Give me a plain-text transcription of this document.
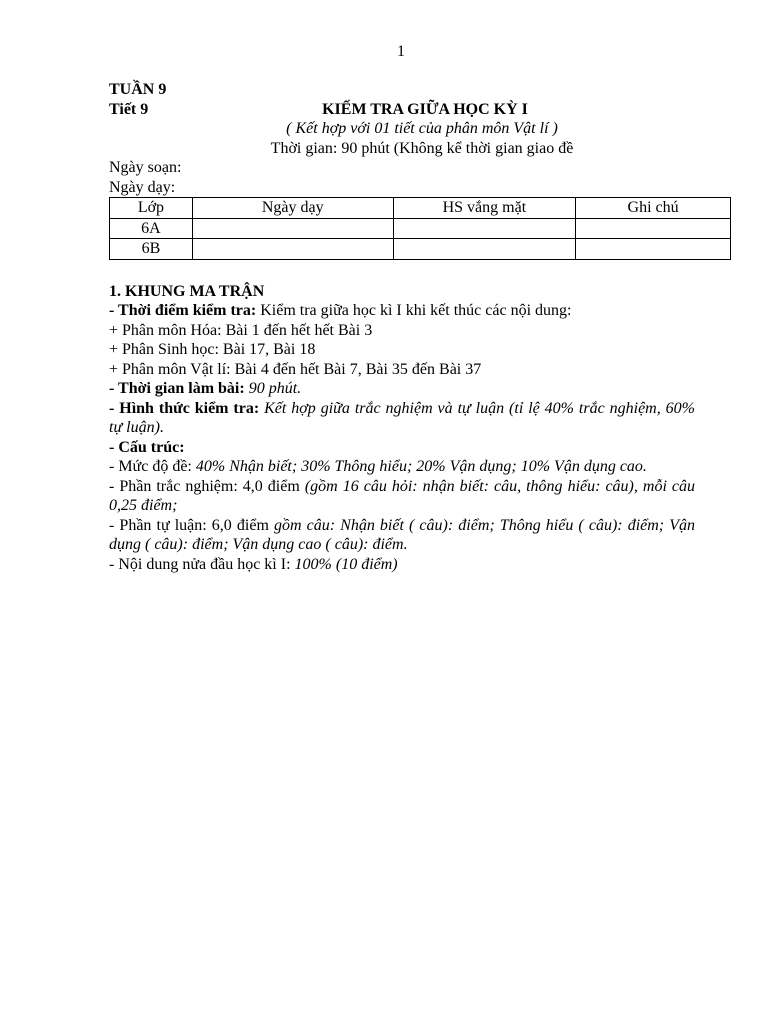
1
TUẦN 9
Tiết 9	KIẾM TRA GIỮA HỌC KỲ I
( Kết hợp với 01 tiết của phân môn Vật lí )
Thời gian: 90 phút (Không kể thời gian giao đề
Ngày soạn:
Ngày dạy:
Lớp	Ngày dạy	HS vắng mặt	Ghi chú
6A			
6B			
1. KHUNG MA TRẬN
- Thời điểm kiểm tra: Kiểm tra giữa học kì I khi kết thúc các nội dung:
+ Phân môn Hóa: Bài 1 đến hết hết Bài 3
+ Phân Sinh học: Bài 17, Bài 18
+ Phân môn Vật lí: Bài 4 đến hết Bài 7, Bài 35 đến Bài 37
- Thời gian làm bài: 90 phút.
- Hình thức kiểm tra: Kết hợp giữa trắc nghiệm và tự luận (tỉ lệ 40% trắc nghiệm, 60% tự luận).
- Cấu trúc:
- Mức độ đề: 40% Nhận biết; 30% Thông hiểu; 20% Vận dụng; 10% Vận dụng cao.
- Phần trắc nghiệm: 4,0 điểm (gồm 16 câu hỏi: nhận biết: câu, thông hiểu: câu), mỗi câu 0,25 điểm;
- Phần tự luận: 6,0 điểm gồm câu: Nhận biết ( câu): điểm; Thông hiểu ( câu): điểm; Vận dụng ( câu): điểm; Vận dụng cao ( câu): điểm.
- Nội dung nửa đầu học kì I: 100% (10 điểm)
